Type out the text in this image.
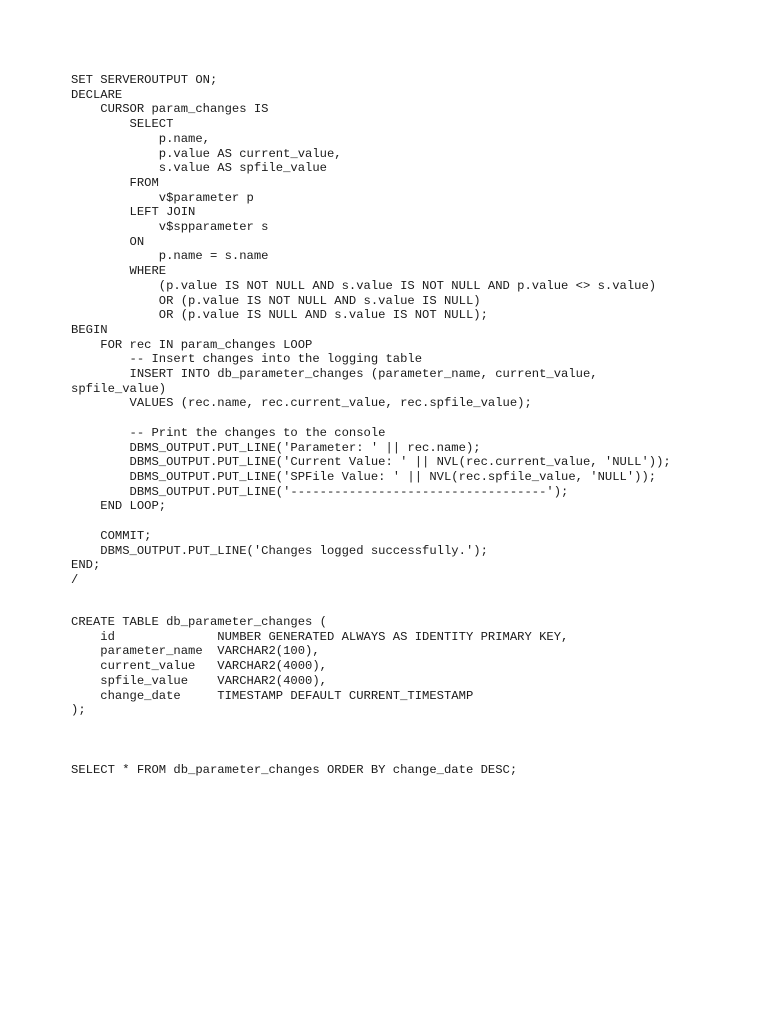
SET SERVEROUTPUT ON;
DECLARE
CURSOR param_changes IS
SELECT
p.name,
p.value AS current_value,
s.value AS spfile_value
FROM
v$parameter p
LEFT JOIN
v$spparameter s
ON
p.name = s.name
WHERE
(p.value IS NOT NULL AND s.value IS NOT NULL AND p.value <> s.value)
OR (p.value IS NOT NULL AND s.value IS NULL)
OR (p.value IS NULL AND s.value IS NOT NULL);
BEGIN
FOR rec IN param_changes LOOP
-- Insert changes into the logging table
INSERT INTO db_parameter_changes (parameter_name, current_value,
spfile_value)
VALUES (rec.name, rec.current_value, rec.spfile_value);

-- Print the changes to the console
DBMS_OUTPUT.PUT_LINE('Parameter: ' || rec.name);
DBMS_OUTPUT.PUT_LINE('Current Value: ' || NVL(rec.current_value, 'NULL'));
DBMS_OUTPUT.PUT_LINE('SPFile Value: ' || NVL(rec.spfile_value, 'NULL'));
DBMS_OUTPUT.PUT_LINE('-----------------------------------');
END LOOP;

COMMIT;
DBMS_OUTPUT.PUT_LINE('Changes logged successfully.');
END;
/
CREATE TABLE db_parameter_changes (
id              NUMBER GENERATED ALWAYS AS IDENTITY PRIMARY KEY,
parameter_name  VARCHAR2(100),
current_value   VARCHAR2(4000),
spfile_value    VARCHAR2(4000),
change_date     TIMESTAMP DEFAULT CURRENT_TIMESTAMP
);
SELECT * FROM db_parameter_changes ORDER BY change_date DESC;
